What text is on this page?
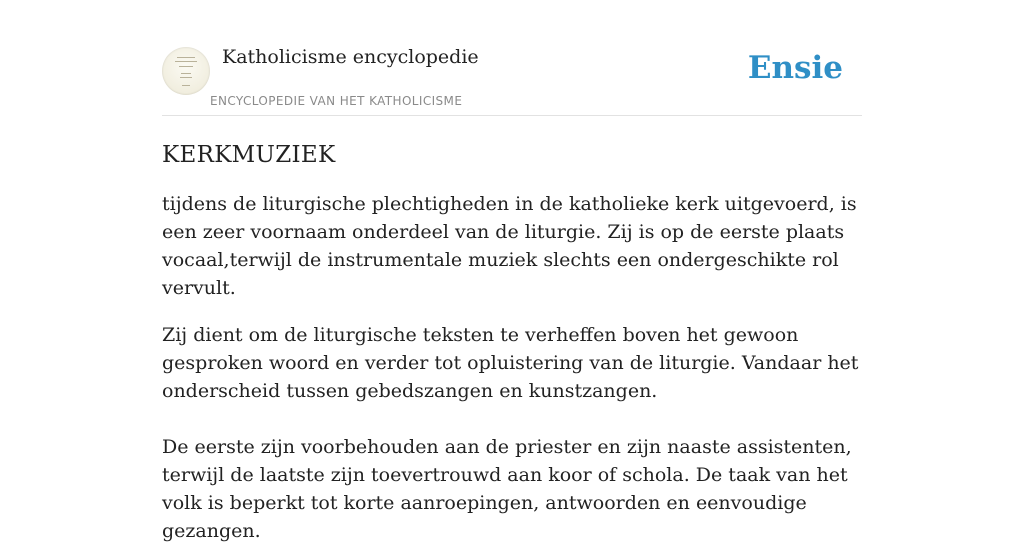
Katholicisme encyclopedie
ENCYCLOPEDIE VAN HET KATHOLICISME
Ensie
KERKMUZIEK

tijdens de liturgische plechtigheden in de katholieke kerk uitgevoerd, is een zeer voornaam onderdeel van de liturgie. Zij is op de eerste plaats vocaal,terwijl de instrumentale muziek slechts een ondergeschikte rol vervult.

Zij dient om de liturgische teksten te verheffen boven het gewoon gesproken woord en verder tot opluistering van de liturgie. Vandaar het onderscheid tussen gebedszangen en kunstzangen.

De eerste zijn voorbehouden aan de priester en zijn naaste assistenten, terwijl de laatste zijn toevertrouwd aan koor of schola. De taak van het volk is beperkt tot korte aanroepingen, antwoorden en eenvoudige gezangen.
